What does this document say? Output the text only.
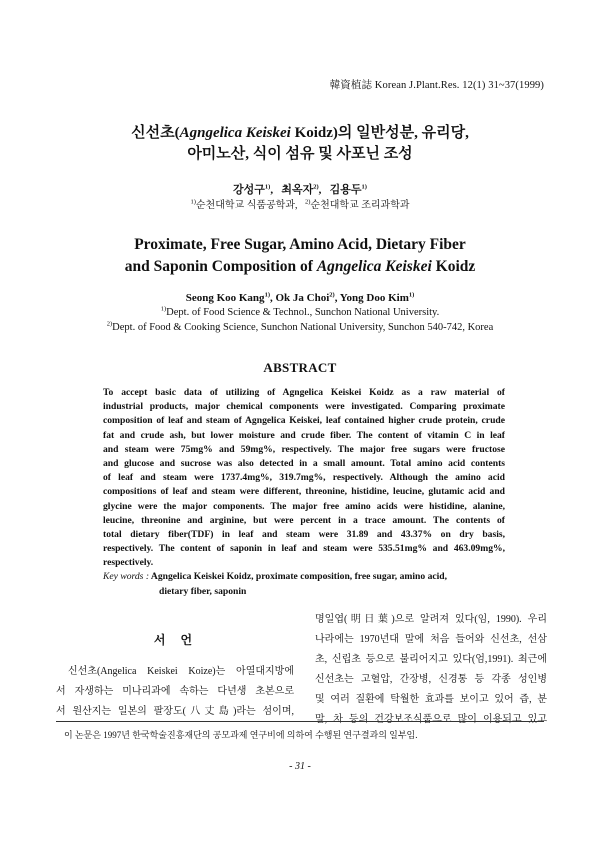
韓資植誌 Korean J.Plant.Res. 12(1) 31~37(1999)
신선초(Agngelica Keiskei Koidz)의 일반성분, 유리당,
아미노산, 식이 섬유 및 사포닌 조성
강성구$^{1)}$,   최옥자$^{2)}$,   김용두$^{1)}$
$^{1)}$순천대학교 식품공학과, $^{2)}$순천대학교 조리과학과
Proximate, Free Sugar, Amino Acid, Dietary Fiber
and Saponin Composition of Agngelica Keiskei Koidz
Seong Koo Kang$^{1)}$, Ok Ja Choi$^{2)}$, Yong Doo Kim$^{1)}$
$^{1)}$Dept. of Food Science & Technol., Sunchon National University.
$^{2)}$Dept. of Food & Cooking Science, Sunchon National University, Sunchon 540-742, Korea
ABSTRACT
To accept basic data of utilizing of Agngelica Keiskei Koidz as a raw material of
industrial products, major chemical components were investigated. Comparing proximate
composition of leaf and steam of Agngelica Keiskei, leaf contained higher crude protein, crude
fat and crude ash, but lower moisture and crude fiber. The content of vitamin C in leaf
and steam were 75mg% and 59mg%, respectively. The major free sugars were fructose
and glucose and sucrose was also detected in a small amount. Total amino acid contents
of leaf and steam were 1737.4mg%, 319.7mg%, respectively. Although the amino acid
compositions of leaf and steam were different, threonine, histidine, leucine, glutamic acid and
glycine were the major components. The major free amino acids were histidine, alanine,
leucine, threonine and arginine, but were percent in a trace amount. The contents of
total dietary fiber(TDF) in leaf and steam were 31.89 and 43.37% on dry basis,
respectively. The content of saponin in leaf and steam were 535.51mg% and 463.09mg%,
respectively.
Key words : Agngelica Keiskei Koidz, proximate composition, free sugar, amino acid,
dietary fiber, saponin
서 언
신선초(Angelica Keiskei Koize)는 아열대지방에
서 자생하는 미나리과에 속하는 다년생 초본으로
서 원산지는 일본의 팔장도(八丈島)라는 섬이며,
명일엽(明日葉)으로 알려져 있다(임, 1990). 우리
나라에는 1970년대 말에 처음 들어와 신선초, 선삼
초, 신립초 등으로 불리어지고 있다(엄,1991). 최근에
신선초는 고혈압, 간장병, 신경통 등 각종 성인병
및 여러 질환에 탁월한 효과를 보이고 있어 즙, 분
말, 차 등의 건강보조식품으로 많이 이용되고 있고
이 논문은 1997년 한국학술진흥재단의 공모과제 연구비에 의하여 수행된 연구결과의 일부임.
- 31 -
